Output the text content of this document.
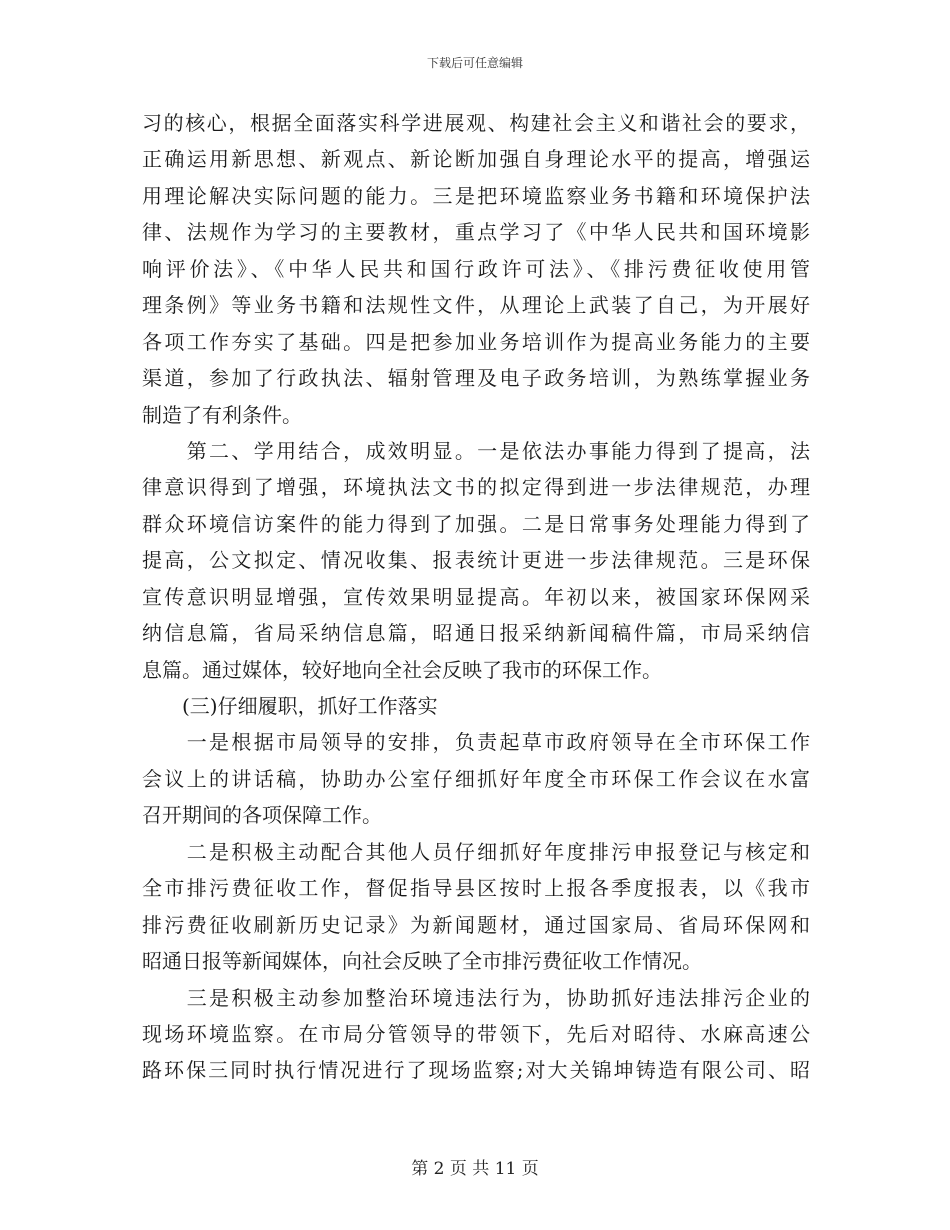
下载后可任意编辑
习的核心，根据全面落实科学进展观、构建社会主义和谐社会的要求，
正确运用新思想、新观点、新论断加强自身理论水平的提高，增强运
用理论解决实际问题的能力。三是把环境监察业务书籍和环境保护法
律、法规作为学习的主要教材，重点学习了《中华人民共和国环境影
响评价法》、《中华人民共和国行政许可法》、《排污费征收使用管
理条例》等业务书籍和法规性文件，从理论上武装了自己，为开展好
各项工作夯实了基础。四是把参加业务培训作为提高业务能力的主要
渠道，参加了行政执法、辐射管理及电子政务培训，为熟练掌握业务
制造了有利条件。
　　第二、学用结合，成效明显。一是依法办事能力得到了提高，法
律意识得到了增强，环境执法文书的拟定得到进一步法律规范，办理
群众环境信访案件的能力得到了加强。二是日常事务处理能力得到了
提高，公文拟定、情况收集、报表统计更进一步法律规范。三是环保
宣传意识明显增强，宣传效果明显提高。年初以来，被国家环保网采
纳信息篇，省局采纳信息篇，昭通日报采纳新闻稿件篇，市局采纳信
息篇。通过媒体，较好地向全社会反映了我市的环保工作。
　　(三)仔细履职，抓好工作落实
　　一是根据市局领导的安排，负责起草市政府领导在全市环保工作
会议上的讲话稿，协助办公室仔细抓好年度全市环保工作会议在水富
召开期间的各项保障工作。
　　二是积极主动配合其他人员仔细抓好年度排污申报登记与核定和
全市排污费征收工作，督促指导县区按时上报各季度报表，以《我市
排污费征收刷新历史记录》为新闻题材，通过国家局、省局环保网和
昭通日报等新闻媒体，向社会反映了全市排污费征收工作情况。
　　三是积极主动参加整治环境违法行为，协助抓好违法排污企业的
现场环境监察。在市局分管领导的带领下，先后对昭待、水麻高速公
路环保三同时执行情况进行了现场监察;对大关锦坤铸造有限公司、昭
第 2 页 共 11 页
